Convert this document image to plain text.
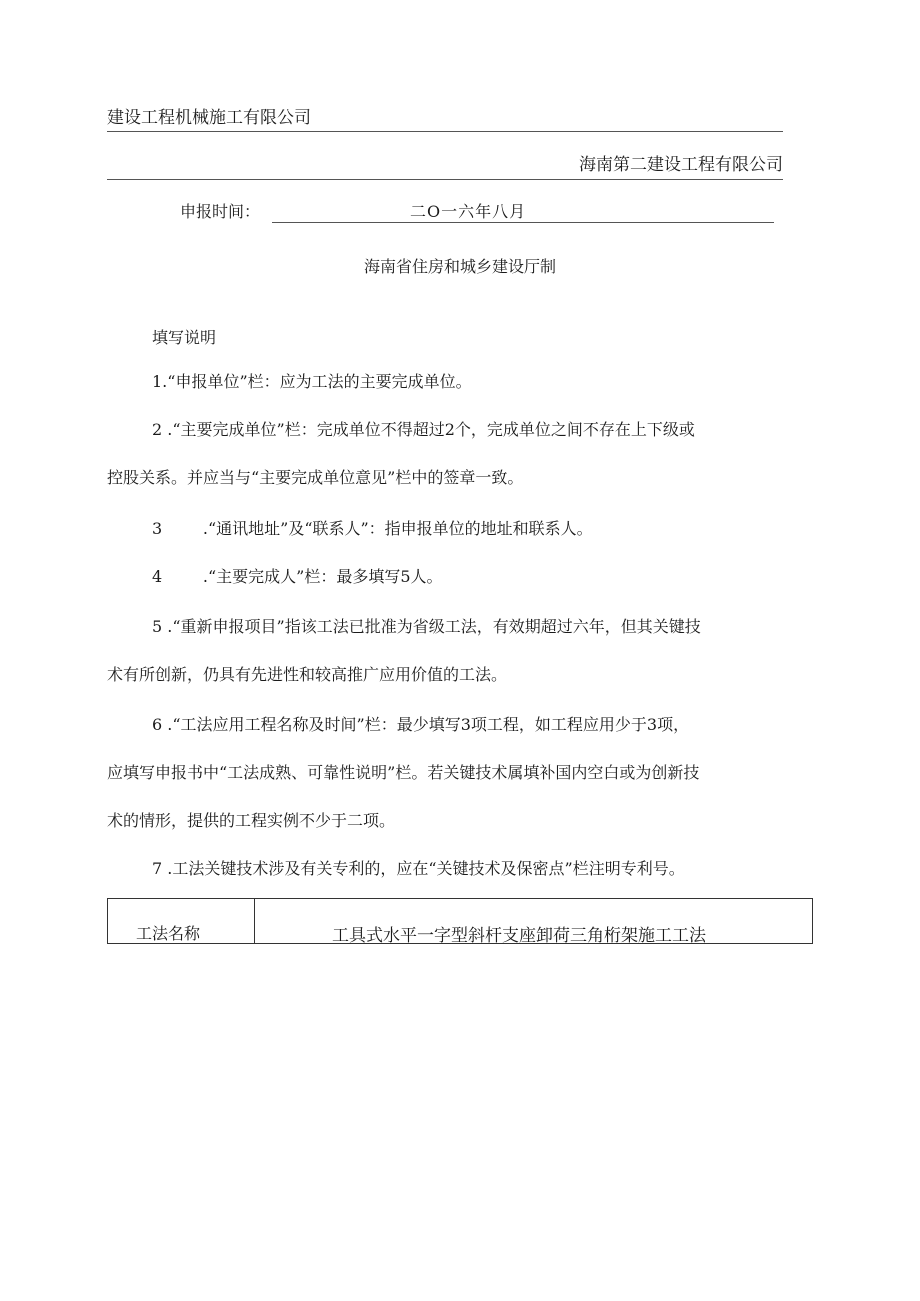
建设工程机械施工有限公司
海南第二建设工程有限公司
申报时间：	二O一六年八月
海南省住房和城乡建设厅制
填写说明
1.“申报单位”栏：应为工法的主要完成单位。
2 .“主要完成单位”栏：完成单位不得超过2个，完成单位之间不存在上下级或
控股关系。并应当与“主要完成单位意见”栏中的签章一致。
3        .“通讯地址”及“联系人”：指申报单位的地址和联系人。
4        .“主要完成人”栏：最多填写5人。
5 .“重新申报项目”指该工法已批准为省级工法，有效期超过六年，但其关键技
术有所创新，仍具有先进性和较高推广应用价值的工法。
6 .“工法应用工程名称及时间”栏：最少填写3项工程，如工程应用少于3项，
应填写申报书中“工法成熟、可靠性说明”栏。若关键技术属填补国内空白或为创新技
术的情形，提供的工程实例不少于二项。
7 .工法关键技术涉及有关专利的，应在“关键技术及保密点”栏注明专利号。
工法名称	工具式水平一字型斜杆支座卸荷三角桁架施工工法
